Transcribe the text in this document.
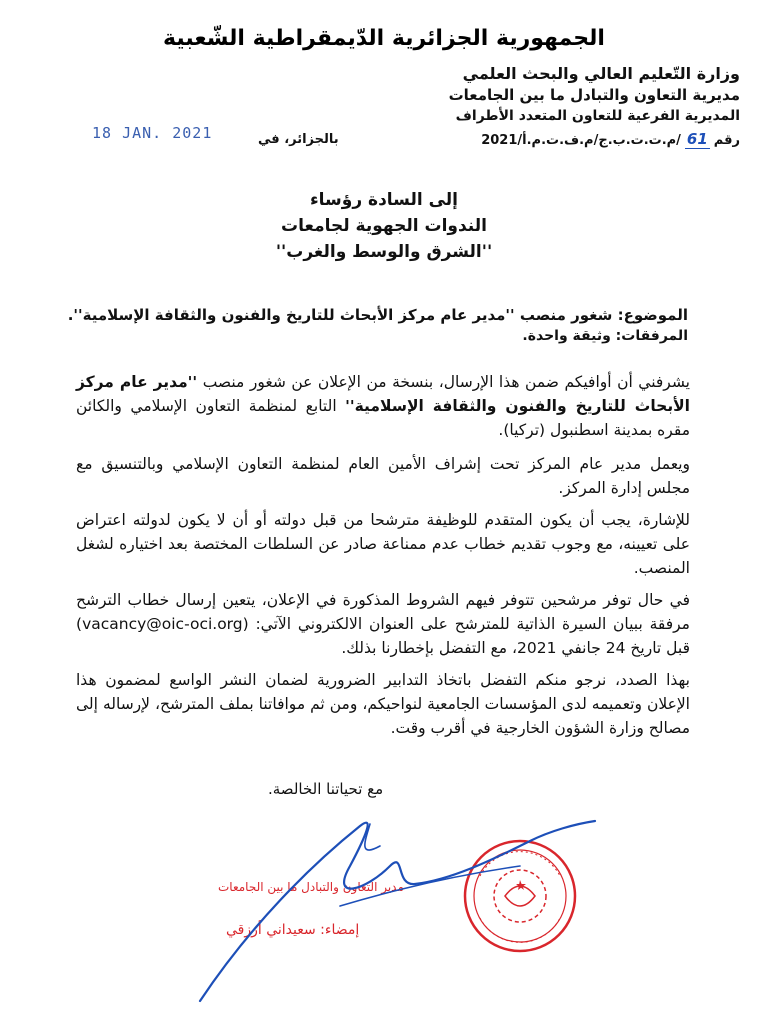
الجمهورية الجزائرية الدّيمقراطية الشّعبية
وزارة التّعليم العالي والبحث العلمي
مديرية التعاون والتبادل ما بين الجامعات
المديرية الفرعية للتعاون المتعدد الأطراف
رقم
61
/م.ت.ت.ب.ج/م.ف.ت.م.أ/2021
بالجزائر، في
18 JAN. 2021
إلى السادة رؤساء
الندوات الجهوية لجامعات
''الشرق والوسط والغرب''
الموضوع: شغور منصب ''مدير عام مركز الأبحاث للتاريخ والفنون والثقافة الإسلامية''.
المرفقات: وثيقة واحدة.
يشرفني أن أوافيكم ضمن هذا الإرسال، بنسخة من الإعلان عن شغور منصب ''مدير عام مركز الأبحاث للتاريخ والفنون والثقافة الإسلامية'' التابع لمنظمة التعاون الإسلامي والكائن مقره بمدينة اسطنبول (تركيا).
ويعمل مدير عام المركز تحت إشراف الأمين العام لمنظمة التعاون الإسلامي وبالتنسيق مع مجلس إدارة المركز.
للإشارة، يجب أن يكون المتقدم للوظيفة مترشحا من قبل دولته أو أن لا يكون لدولته اعتراض على تعيينه، مع وجوب تقديم خطاب عدم ممناعة صادر عن السلطات المختصة بعد اختياره لشغل المنصب.
في حال توفر مرشحين تتوفر فيهم الشروط المذكورة في الإعلان، يتعين إرسال خطاب الترشح مرفقة ببيان السيرة الذاتية للمترشح على العنوان الالكتروني الآتي: (vacancy@oic-oci.org) قبل تاريخ 24 جانفي 2021، مع التفضل بإخطارنا بذلك.
بهذا الصدد، نرجو منكم التفضل باتخاذ التدابير الضرورية لضمان النشر الواسع لمضمون هذا الإعلان وتعميمه لدى المؤسسات الجامعية لنواحيكم، ومن ثم موافاتنا بملف المترشح، لإرساله إلى مصالح وزارة الشؤون الخارجية في أقرب وقت.
مع تحياتنا الخالصة.
مدير التعاون والتبادل ما بين الجامعات
إمضاء: سعيداني أرزقي
